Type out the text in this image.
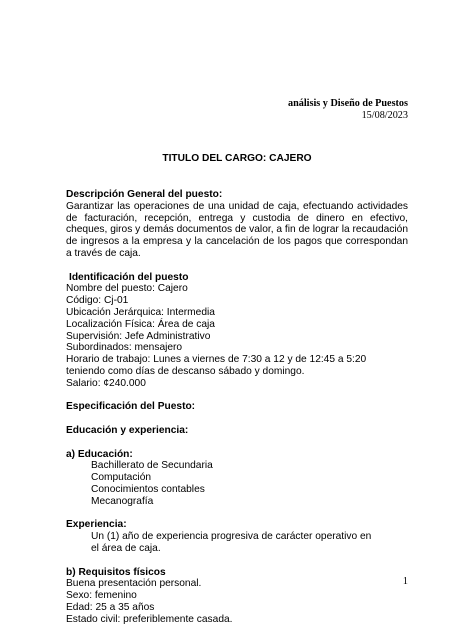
análisis y Diseño de Puestos
15/08/2023
TITULO DEL CARGO: CAJERO
Descripción General del puesto:
Garantizar las operaciones de una unidad de caja, efectuando actividades de facturación, recepción, entrega y custodia de dinero en efectivo, cheques, giros y demás documentos de valor, a fin de lograr la recaudación de ingresos a la empresa y la cancelación de los pagos que correspondan a través de caja.
Identificación del puesto
Nombre del puesto: Cajero
Código: Cj-01
Ubicación Jerárquica: Intermedia
Localización Física: Área de caja
Supervisión: Jefe Administrativo
Subordinados: mensajero
Horario de trabajo: Lunes a viernes de 7:30 a 12 y de 12:45 a 5:20 teniendo como días de descanso sábado y domingo.
Salario: ¢240.000
Especificación del Puesto:
Educación y experiencia:
a) Educación:
Bachillerato de Secundaria
Computación
Conocimientos contables
Mecanografía
Experiencia:
Un (1) año de experiencia progresiva de carácter operativo en el área de caja.
b) Requisitos físicos
Buena presentación personal.
Sexo: femenino
Edad: 25 a 35 años
Estado civil: preferiblemente casada.
1
